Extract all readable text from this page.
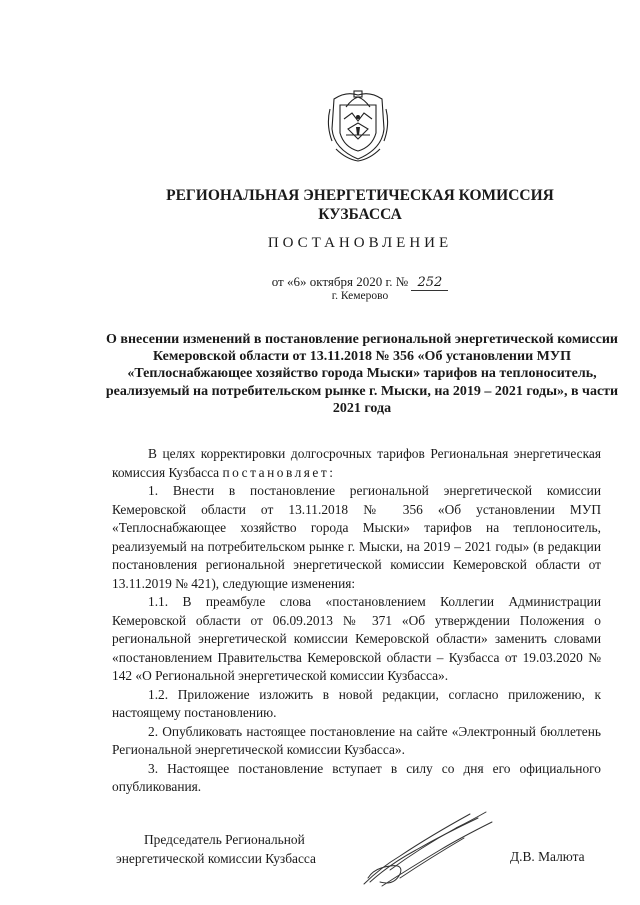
РЕГИОНАЛЬНАЯ ЭНЕРГЕТИЧЕСКАЯ КОМИССИЯ КУЗБАССА
ПОСТАНОВЛЕНИЕ
от «6» октября 2020 г. № 252
г. Кемерово
О внесении изменений в постановление региональной энергетической комиссии Кемеровской области от 13.11.2018 № 356 «Об установлении МУП «Теплоснабжающее хозяйство города Мыски» тарифов на теплоноситель, реализуемый на потребительском рынке г. Мыски, на 2019 – 2021 годы», в части 2021 года

В целях корректировки долгосрочных тарифов Региональная энергетическая комиссия Кузбасса постановляет:

1. Внести в постановление региональной энергетической комиссии Кемеровской области от 13.11.2018 № 356 «Об установлении МУП «Теплоснабжающее хозяйство города Мыски» тарифов на теплоноситель, реализуемый на потребительском рынке г. Мыски, на 2019 – 2021 годы» (в редакции постановления региональной энергетической комиссии Кемеровской области от 13.11.2019 № 421), следующие изменения:

1.1. В преамбуле слова «постановлением Коллегии Администрации Кемеровской области от 06.09.2013 № 371 «Об утверждении Положения о региональной энергетической комиссии Кемеровской области» заменить словами «постановлением Правительства Кемеровской области – Кузбасса от 19.03.2020 № 142 «О Региональной энергетической комиссии Кузбасса».

1.2. Приложение изложить в новой редакции, согласно приложению, к настоящему постановлению.

2. Опубликовать настоящее постановление на сайте «Электронный бюллетень Региональной энергетической комиссии Кузбасса».

3. Настоящее постановление вступает в силу со дня его официального опубликования.

Председатель Региональной
энергетической комиссии Кузбасса	Д.В. Малюта
